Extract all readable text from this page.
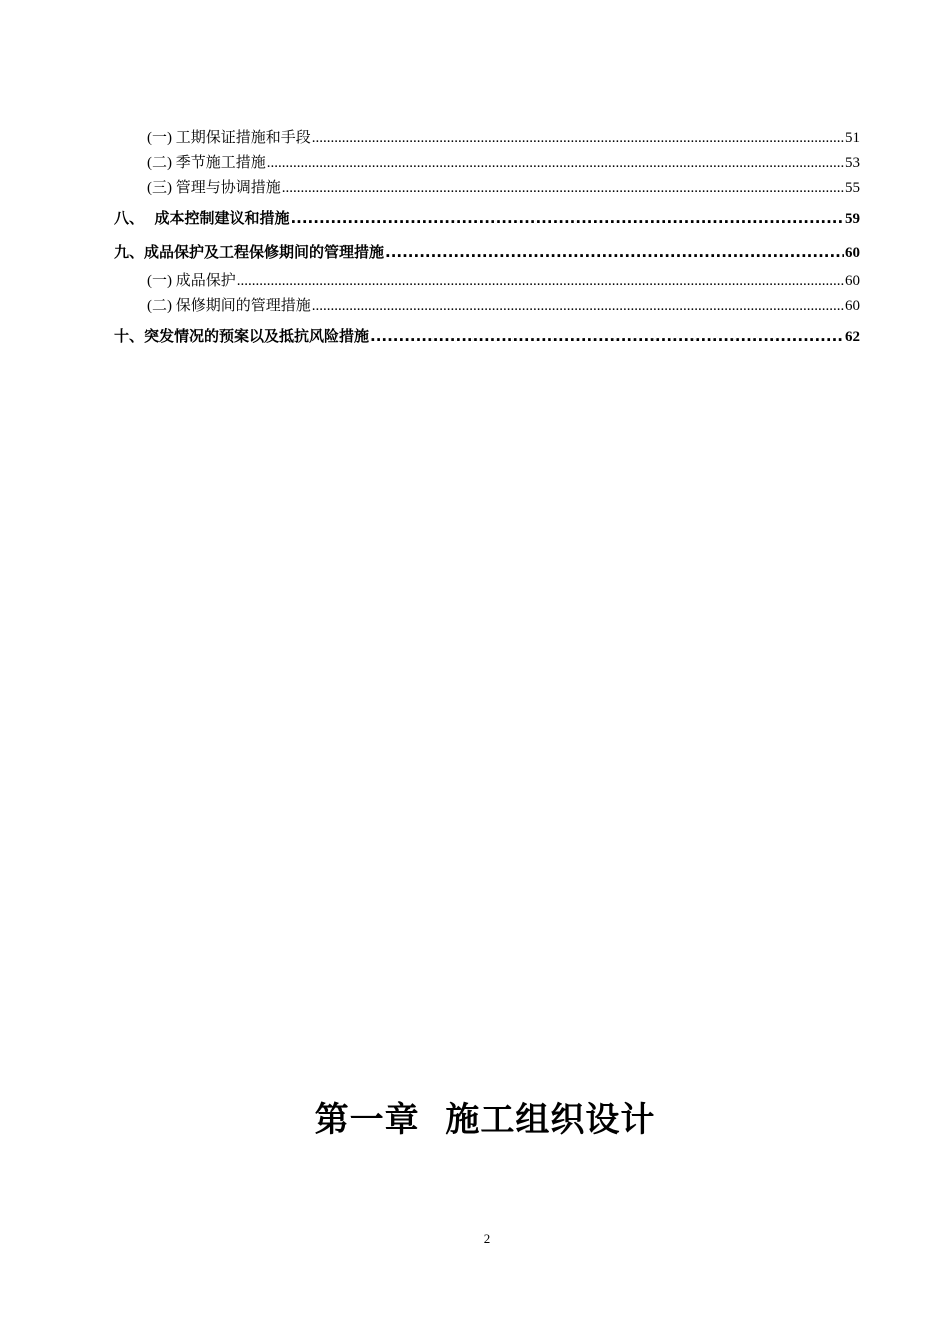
(一) 工期保证措施和手段 .....	51
(二) 季节施工措施 .....	53
(三) 管理与协调措施 .....	55
八、  成本控制建议和措施 .....	59
九、成品保护及工程保修期间的管理措施 .....	60
(一) 成品保护 .....	60
(二) 保修期间的管理措施 .....	60
十、突发情况的预案以及抵抗风险措施 .....	62
第一章  施工组织设计
2
